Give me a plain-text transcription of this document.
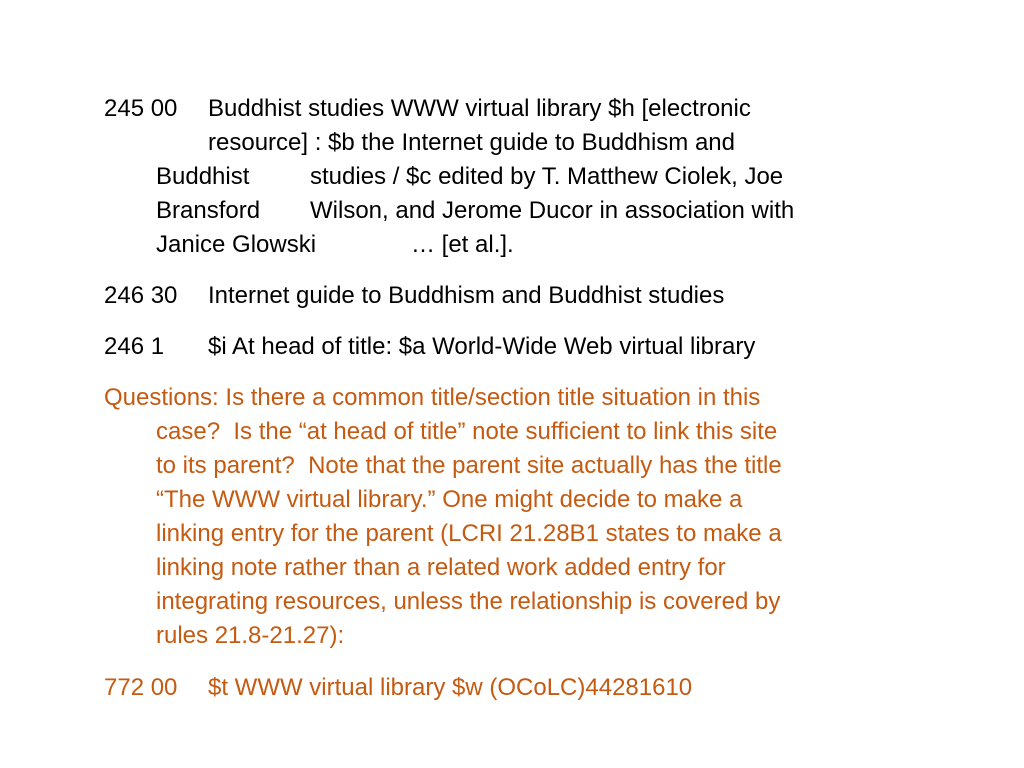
245 00 Buddhist studies WWW virtual library $h [electronic
resource] : $b the Internet guide to Buddhism and
Buddhist	studies / $c edited by T. Matthew Ciolek, Joe
Bransford Wilson, and Jerome Ducor in association with
Janice Glowski	… [et al.].
246 30 Internet guide to Buddhism and Buddhist studies
246 1 $i At head of title: $a World-Wide Web virtual library
Questions: Is there a common title/section title situation in this
case?  Is the “at head of title” note sufficient to link this site
to its parent?  Note that the parent site actually has the title
“The WWW virtual library.” One might decide to make a
linking entry for the parent (LCRI 21.28B1 states to make a
linking note rather than a related work added entry for
integrating resources, unless the relationship is covered by
rules 21.8-21.27):
772 00 $t WWW virtual library $w (OCoLC)44281610
